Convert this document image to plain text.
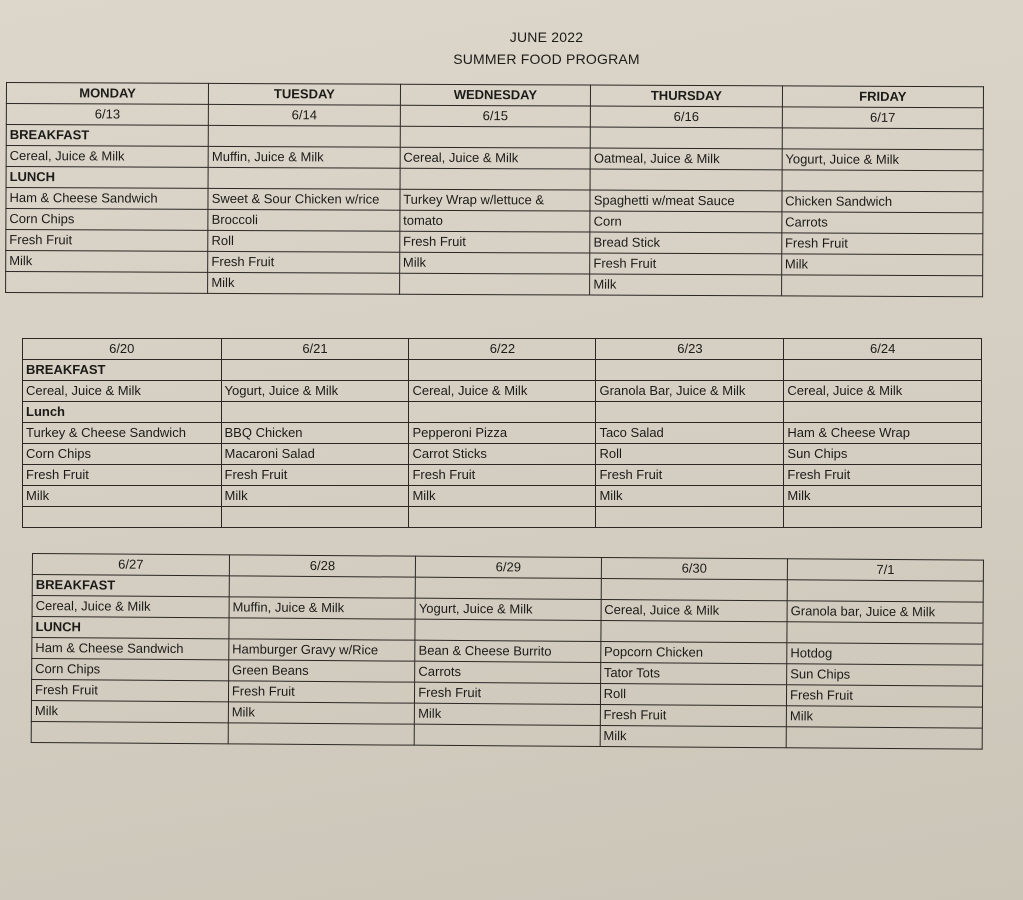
JUNE 2022
SUMMER FOOD PROGRAM
MONDAY	TUESDAY	WEDNESDAY	THURSDAY	FRIDAY
6/13	6/14	6/15	6/16	6/17
BREAKFAST				
Cereal, Juice & Milk	Muffin, Juice & Milk	Cereal, Juice & Milk	Oatmeal, Juice & Milk	Yogurt, Juice & Milk
LUNCH				
Ham & Cheese Sandwich	Sweet & Sour Chicken w/rice	Turkey Wrap w/lettuce &	Spaghetti w/meat Sauce	Chicken Sandwich
Corn Chips	Broccoli	tomato	Corn	Carrots
Fresh Fruit	Roll	Fresh Fruit	Bread Stick	Fresh Fruit
Milk	Fresh Fruit	Milk	Fresh Fruit	Milk
	Milk		Milk	
6/20	6/21	6/22	6/23	6/24
BREAKFAST				
Cereal, Juice & Milk	Yogurt, Juice & Milk	Cereal, Juice & Milk	Granola Bar, Juice & Milk	Cereal, Juice & Milk
Lunch				
Turkey & Cheese Sandwich	BBQ Chicken	Pepperoni Pizza	Taco Salad	Ham & Cheese Wrap
Corn Chips	Macaroni Salad	Carrot Sticks	Roll	Sun Chips
Fresh Fruit	Fresh Fruit	Fresh Fruit	Fresh Fruit	Fresh Fruit
Milk	Milk	Milk	Milk	Milk

6/27	6/28	6/29	6/30	7/1
BREAKFAST				
Cereal, Juice & Milk	Muffin, Juice & Milk	Yogurt, Juice & Milk	Cereal, Juice & Milk	Granola bar, Juice & Milk
LUNCH				
Ham & Cheese Sandwich	Hamburger Gravy w/Rice	Bean & Cheese Burrito	Popcorn Chicken	Hotdog
Corn Chips	Green Beans	Carrots	Tator Tots	Sun Chips
Fresh Fruit	Fresh Fruit	Fresh Fruit	Roll	Fresh Fruit
Milk	Milk	Milk	Fresh Fruit	Milk
			Milk	
